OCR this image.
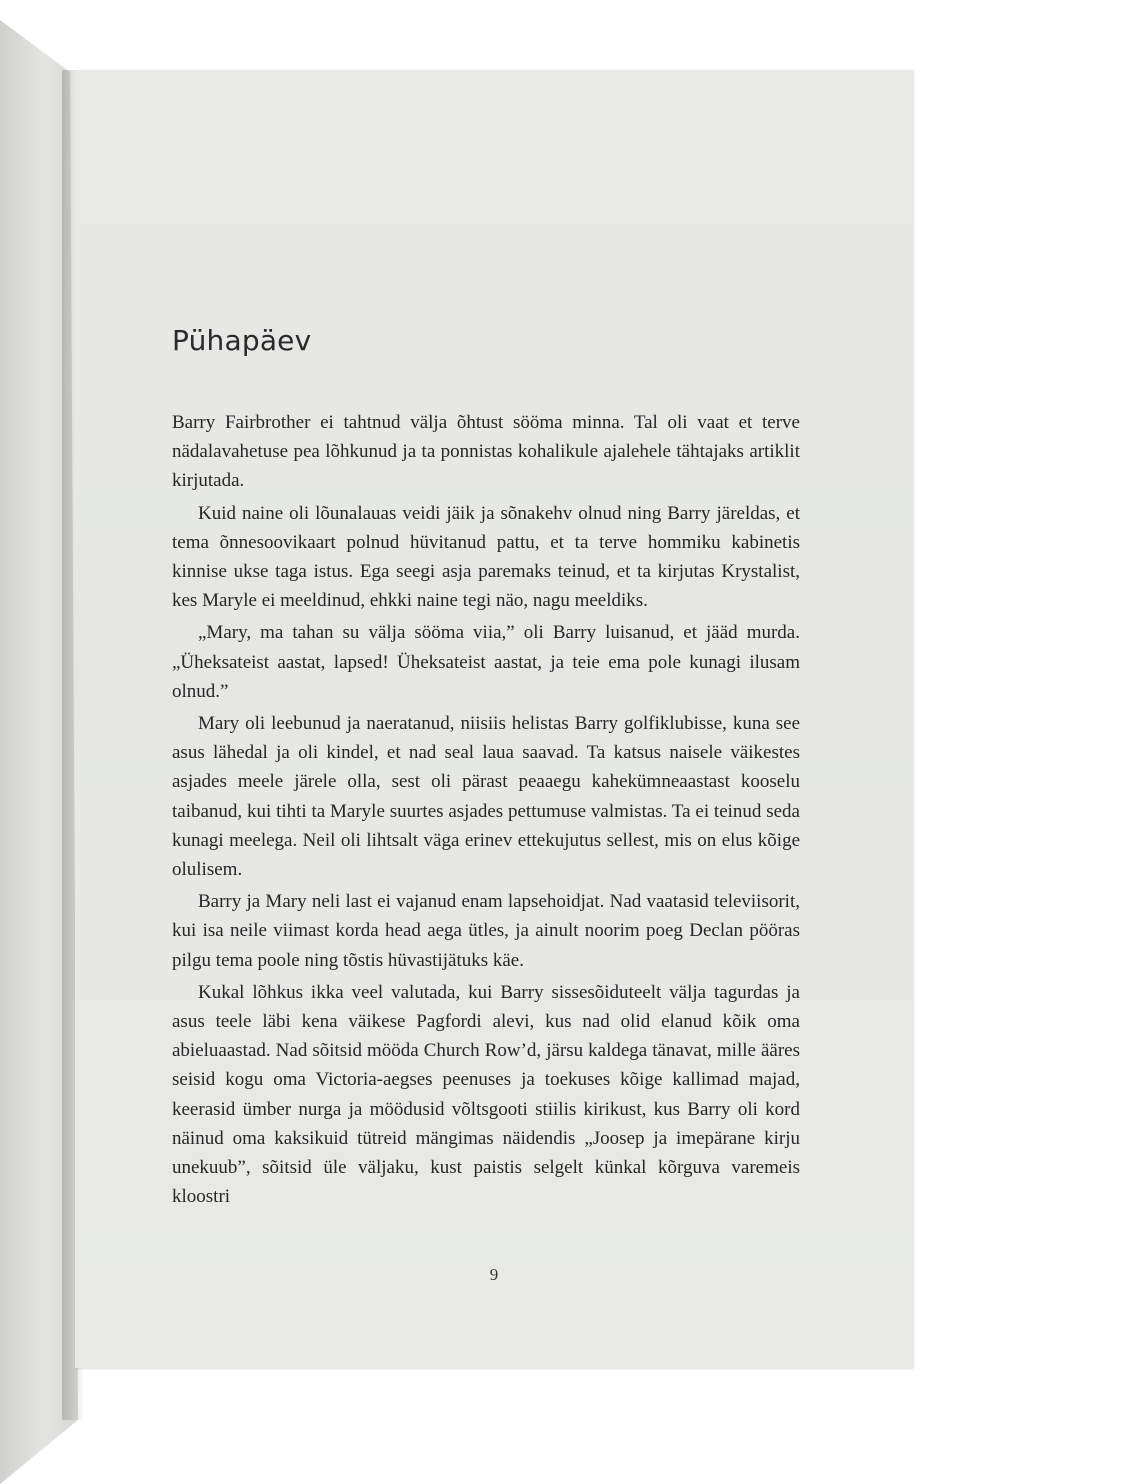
Pühapäev

Barry Fairbrother ei tahtnud välja õhtust sööma minna. Tal oli vaat et terve nädalavahetuse pea lõhkunud ja ta ponnistas kohalikule ajalehele tähtajaks artiklit kirjutada.

Kuid naine oli lõunalauas veidi jäik ja sõnakehv olnud ning Barry järeldas, et tema õnnesoovikaart polnud hüvitanud pattu, et ta terve hommiku kabinetis kinnise ukse taga istus. Ega seegi asja paremaks teinud, et ta kirjutas Krystalist, kes Maryle ei meeldinud, ehkki naine tegi näo, nagu meeldiks.

„Mary, ma tahan su välja sööma viia,” oli Barry luisanud, et jääd murda. „Üheksateist aastat, lapsed! Üheksateist aastat, ja teie ema pole kunagi ilusam olnud.”

Mary oli leebunud ja naeratanud, niisiis helistas Barry golfiklubisse, kuna see asus lähedal ja oli kindel, et nad seal laua saavad. Ta katsus naisele väikestes asjades meele järele olla, sest oli pärast peaaegu kahekümneaastast kooselu taibanud, kui tihti ta Maryle suurtes asjades pettumuse valmistas. Ta ei teinud seda kunagi meelega. Neil oli lihtsalt väga erinev ettekujutus sellest, mis on elus kõige olulisem.

Barry ja Mary neli last ei vajanud enam lapsehoidjat. Nad vaatasid televiisorit, kui isa neile viimast korda head aega ütles, ja ainult noorim poeg Declan pööras pilgu tema poole ning tõstis hüvastijätuks käe.

Kukal lõhkus ikka veel valutada, kui Barry sissesõiduteelt välja tagurdas ja asus teele läbi kena väikese Pagfordi alevi, kus nad olid elanud kõik oma abieluaastad. Nad sõitsid mööda Church Row’d, järsu kaldega tänavat, mille ääres seisid kogu oma Victoria-aegses peenuses ja toekuses kõige kallimad majad, keerasid ümber nurga ja möödusid võltsgooti stiilis kirikust, kus Barry oli kord näinud oma kaksikuid tütreid mängimas näidendis „Joosep ja imepärane kirju unekuub”, sõitsid üle väljaku, kust paistis selgelt künkal kõrguva varemeis kloostri

9
